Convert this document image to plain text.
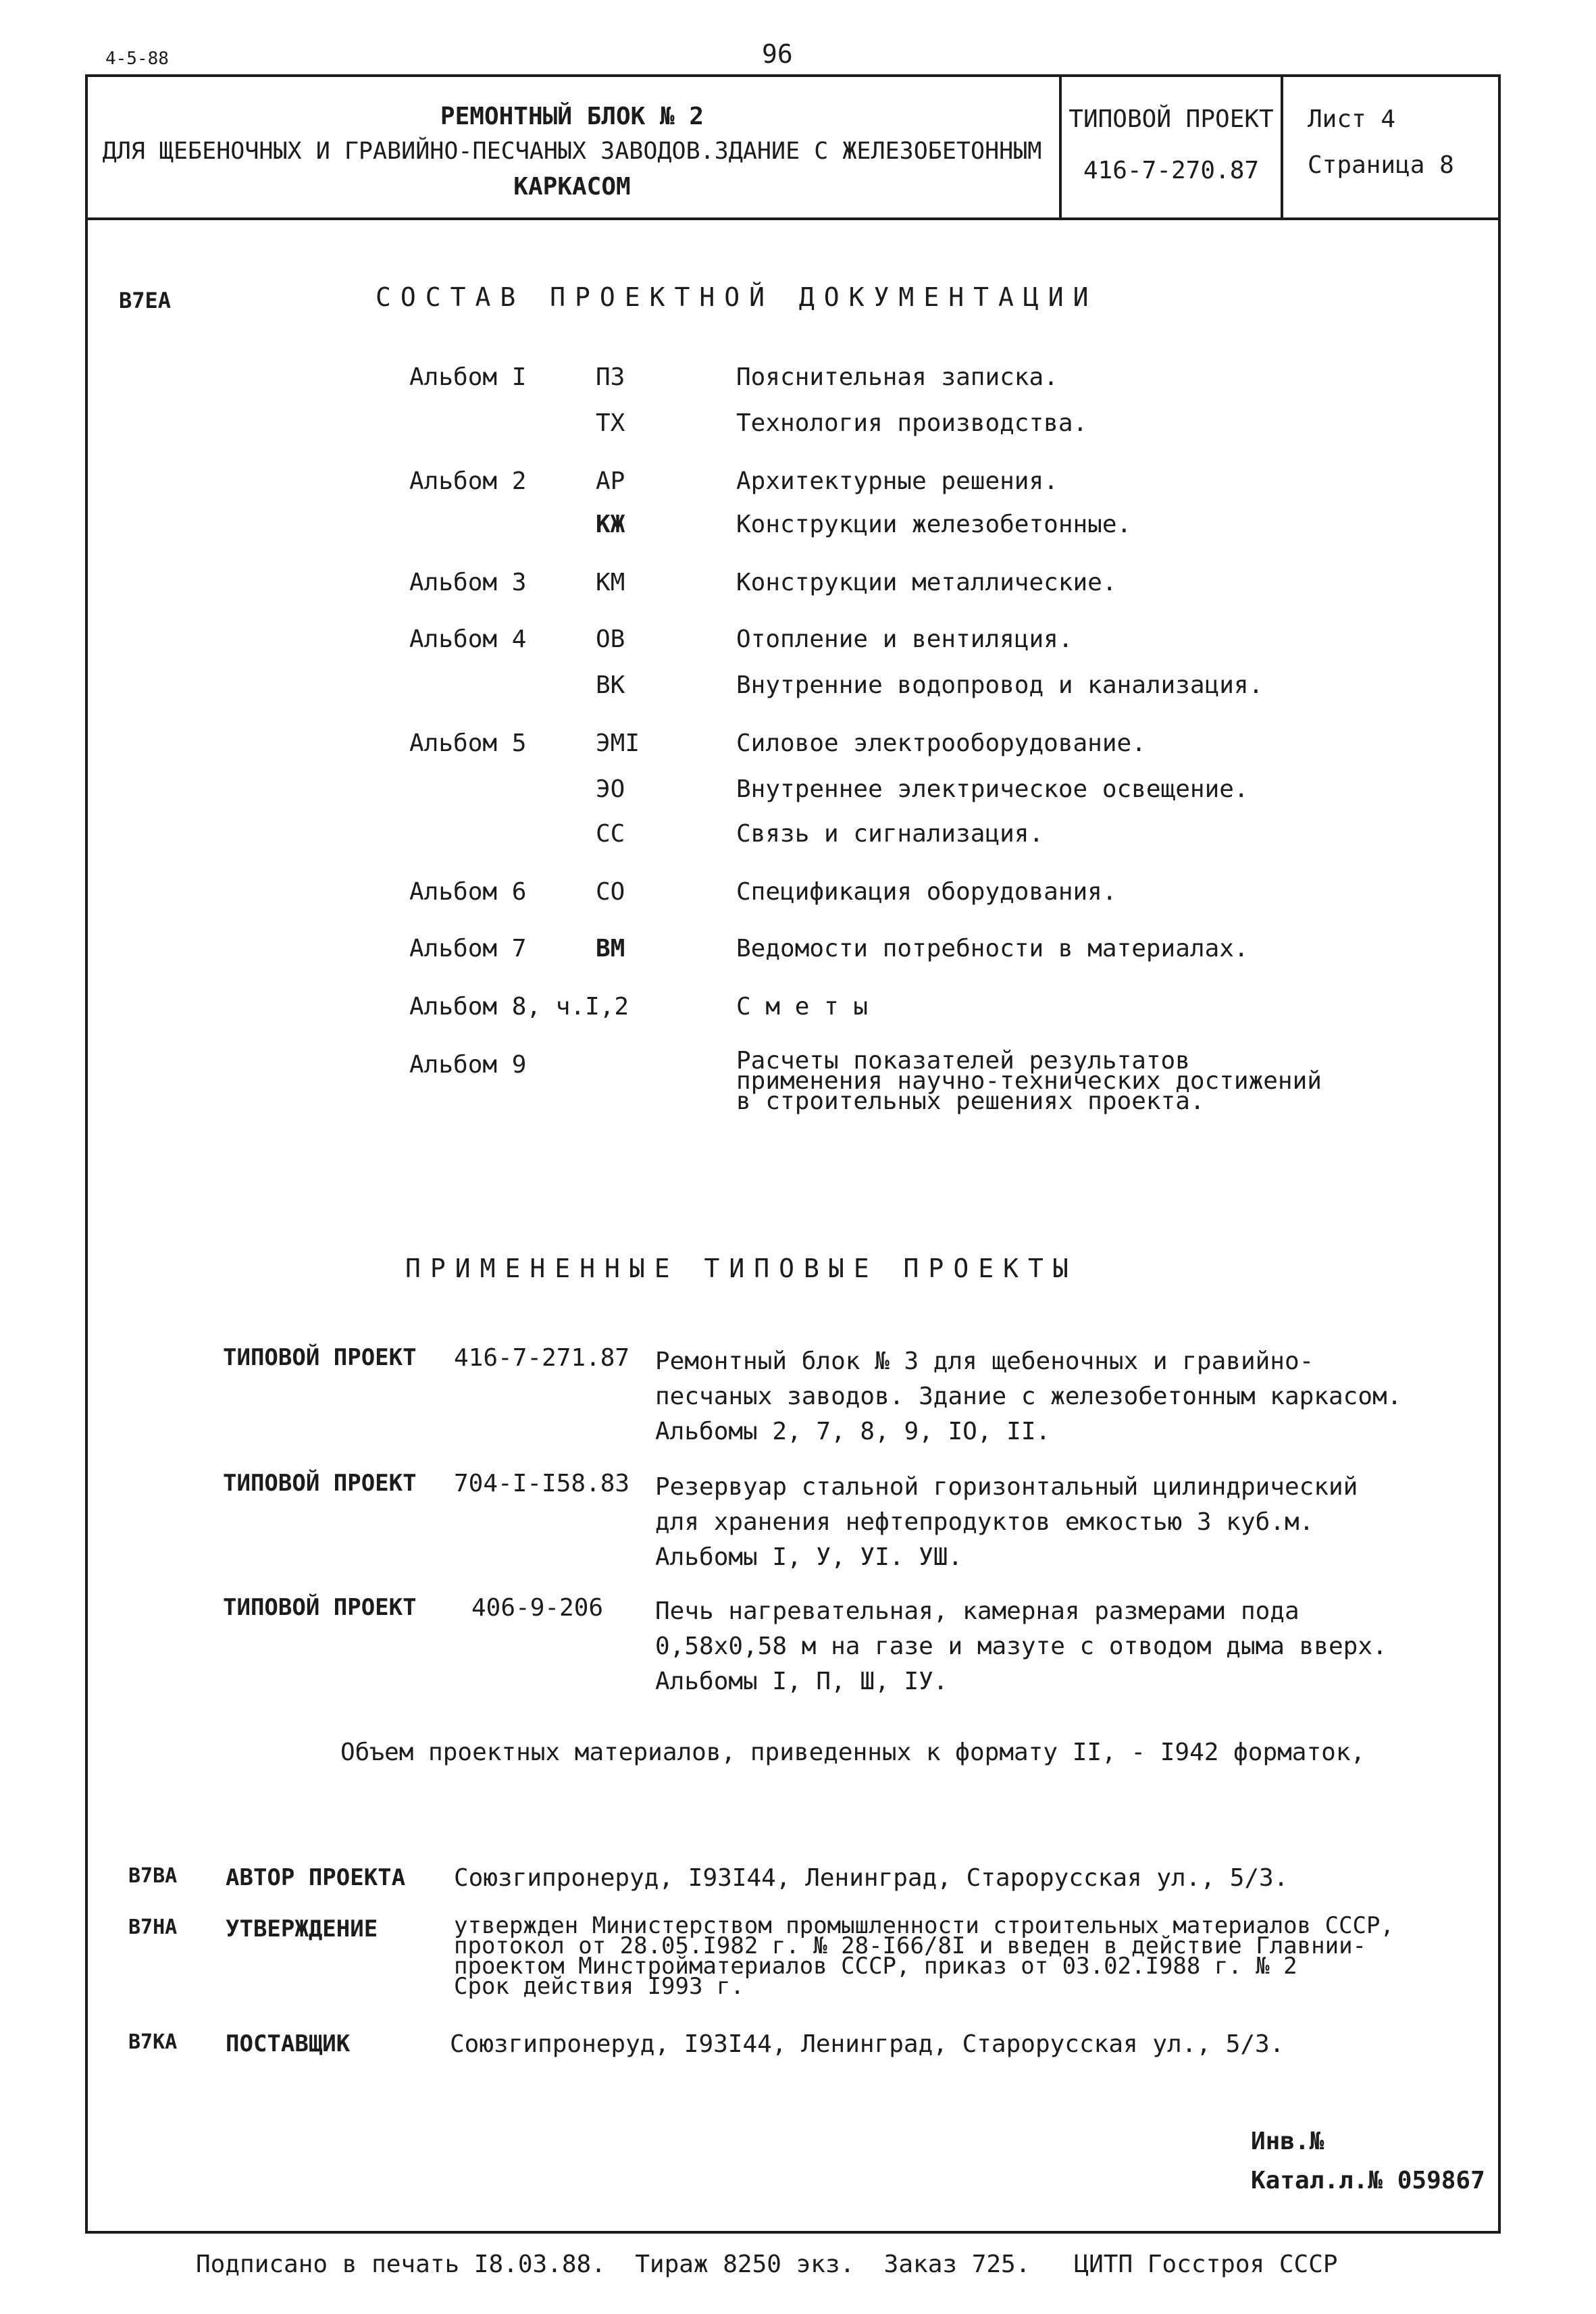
4-5-88	96
РЕМОНТНЫЙ БЛОК № 2
ДЛЯ ЩЕБЕНОЧНЫХ И ГРАВИЙНО-ПЕСЧАНЫХ ЗАВОДОВ.ЗДАНИЕ С ЖЕЛЕЗОБЕТОННЫМ
КАРКАСОМ
ТИПОВОЙ ПРОЕКТ
416-7-270.87
Лист 4
Страница 8
B7EA	СОСТАВ ПРОЕКТНОЙ ДОКУМЕНТАЦИИ
Альбом I	ПЗ	Пояснительная записка.
ТХ	Технология производства.
Альбом 2	АР	Архитектурные решения.
КЖ	Конструкции железобетонные.
Альбом 3	КМ	Конструкции металлические.
Альбом 4	ОВ	Отопление и вентиляция.
ВК	Внутренние водопровод и канализация.
Альбом 5	ЭМI	Силовое электрооборудование.
ЭО	Внутреннее электрическое освещение.
СС	Связь и сигнализация.
Альбом 6	СО	Спецификация оборудования.
Альбом 7	ВМ	Ведомости потребности в материалах.
Альбом 8, ч.I,2	С м е т ы
Альбом 9	Расчеты показателей результатов
применения научно-технических достижений
в строительных решениях проекта.
ПРИМЕНЕННЫЕ ТИПОВЫЕ ПРОЕКТЫ
ТИПОВОЙ ПРОЕКТ 416-7-271.87 Ремонтный блок № 3 для щебеночных и гравийно-
песчаных заводов. Здание с железобетонным каркасом.
Альбомы 2, 7, 8, 9, IO, II.
ТИПОВОЙ ПРОЕКТ 704-I-I58.83 Резервуар стальной горизонтальный цилиндрический
для хранения нефтепродуктов емкостью 3 куб.м.
Альбомы I, У, УI. УШ.
ТИПОВОЙ ПРОЕКТ 406-9-206 Печь нагревательная, камерная размерами пода
0,58х0,58 м на газе и мазуте с отводом дыма вверх.
Альбомы I, П, Ш, IУ.
Объем проектных материалов, приведенных к формату II, - I942 форматок,
B7BA АВТОР ПРОЕКТА Союзгипронеруд, I93I44, Ленинград, Старорусская ул., 5/3.
B7HA УТВЕРЖДЕНИЕ	утвержден Министерством промышленности строительных материалов СССР,
протокол от 28.05.I982 г. № 28-I66/8I и введен в действие Главнии-
проектом Минстроймaтериалов СССР, приказ от 03.02.I988 г. № 2
Срок действия I993 г.
B7KA ПОСТАВЩИК	Союзгипронеруд, I93I44, Ленинград, Старорусская ул., 5/3.
Инв.№
Катал.л.№ 059867
Подписано в печать I8.03.88.  Тираж 8250 экз.  Заказ 725.   ЦИТП Госстроя СССР
